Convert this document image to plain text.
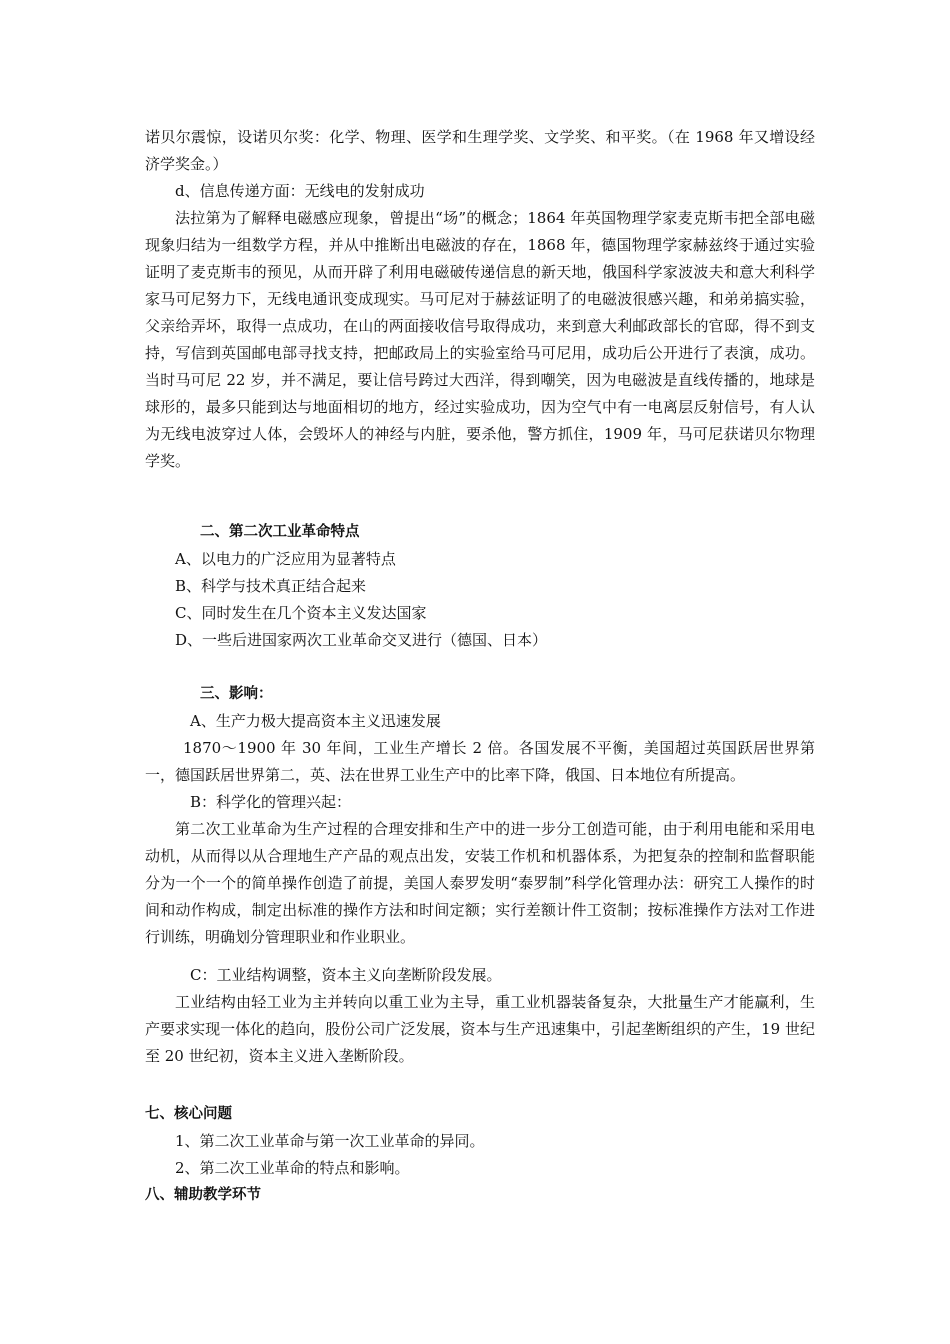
诺贝尔震惊，设诺贝尔奖：化学、物理、医学和生理学奖、文学奖、和平奖。（在 1968 年又增设经济学奖金。）

d、信息传递方面：无线电的发射成功

法拉第为了解释电磁感应现象，曾提出“场”的概念；1864 年英国物理学家麦克斯韦把全部电磁现象归结为一组数学方程，并从中推断出电磁波的存在，1868 年，德国物理学家赫兹终于通过实验证明了麦克斯韦的预见，从而开辟了利用电磁破传递信息的新天地，俄国科学家波波夫和意大利科学家马可尼努力下，无线电通讯变成现实。马可尼对于赫兹证明了的电磁波很感兴趣，和弟弟搞实验，父亲给弄坏，取得一点成功，在山的两面接收信号取得成功，来到意大利邮政部长的官邸，得不到支持，写信到英国邮电部寻找支持，把邮政局上的实验室给马可尼用，成功后公开进行了表演，成功。当时马可尼 22 岁，并不满足，要让信号跨过大西洋，得到嘲笑，因为电磁波是直线传播的，地球是球形的，最多只能到达与地面相切的地方，经过实验成功，因为空气中有一电离层反射信号，有人认为无线电波穿过人体，会毁坏人的神经与内脏，要杀他，警方抓住，1909 年，马可尼获诺贝尔物理学奖。

二、第二次工业革命特点

A、以电力的广泛应用为显著特点

B、科学与技术真正结合起来

C、同时发生在几个资本主义发达国家

D、一些后进国家两次工业革命交叉进行（德国、日本）

三、影响：

A、生产力极大提高资本主义迅速发展

1870～1900 年 30 年间，工业生产增长 2 倍。各国发展不平衡，美国超过英国跃居世界第一，德国跃居世界第二，英、法在世界工业生产中的比率下降，俄国、日本地位有所提高。

B：科学化的管理兴起：

第二次工业革命为生产过程的合理安排和生产中的进一步分工创造可能，由于利用电能和采用电动机，从而得以从合理地生产产品的观点出发，安装工作机和机器体系，为把复杂的控制和监督职能分为一个一个的简单操作创造了前提，美国人泰罗发明“泰罗制”科学化管理办法：研究工人操作的时间和动作构成，制定出标准的操作方法和时间定额；实行差额计件工资制；按标准操作方法对工作进行训练，明确划分管理职业和作业职业。

C：工业结构调整，资本主义向垄断阶段发展。

工业结构由轻工业为主并转向以重工业为主导，重工业机器装备复杂，大批量生产才能赢利，生产要求实现一体化的趋向，股份公司广泛发展，资本与生产迅速集中，引起垄断组织的产生，19 世纪至 20 世纪初，资本主义进入垄断阶段。

七、核心问题

1、第二次工业革命与第一次工业革命的异同。

2、第二次工业革命的特点和影响。

八、辅助教学环节
